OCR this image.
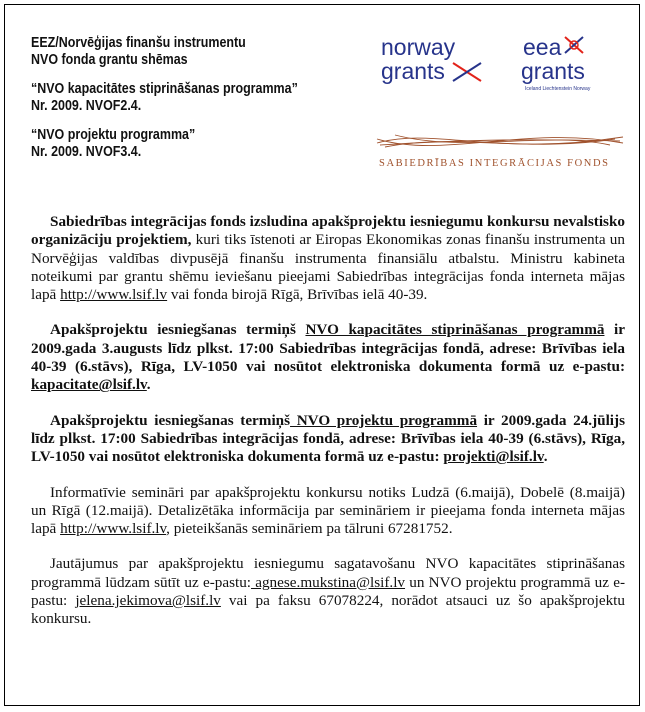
EEZ/Norvēģijas finanšu instrumentu
NVO fonda grantu shēmas
“NVO kapacitātes stiprināšanas programma”
Nr. 2009. NVOF2.4.
“NVO projektu programma”
Nr. 2009. NVOF3.4.
norway
grants
eea
grants
Iceland Liechtenstein Norway
SABIEDRĪBAS INTEGRĀCIJAS FONDS

Sabiedrības integrācijas fonds izsludina apakšprojektu iesniegumu konkursu nevalstisko organizāciju projektiem, kuri tiks īstenoti ar Eiropas Ekonomikas zonas finanšu instrumenta un Norvēģijas valdības divpusējā finanšu instrumenta finansiālu atbalstu. Ministru kabineta noteikumi par grantu shēmu ieviešanu pieejami Sabiedrības integrācijas fonda interneta mājas lapā http://www.lsif.lv vai fonda birojā Rīgā, Brīvības ielā 40-39.

Apakšprojektu iesniegšanas termiņš NVO kapacitātes stiprināšanas programmā ir 2009.gada 3.augusts līdz plkst. 17:00 Sabiedrības integrācijas fondā, adrese: Brīvības iela 40-39 (6.stāvs), Rīga, LV-1050 vai nosūtot elektroniska dokumenta formā uz e-pastu: kapacitate@lsif.lv.

Apakšprojektu iesniegšanas termiņš NVO projektu programmā ir 2009.gada 24.jūlijs līdz plkst. 17:00 Sabiedrības integrācijas fondā, adrese: Brīvības iela 40-39 (6.stāvs), Rīga, LV-1050 vai nosūtot elektroniska dokumenta formā uz e-pastu: projekti@lsif.lv.

Informatīvie semināri par apakšprojektu konkursu notiks Ludzā (6.maijā), Dobelē (8.maijā) un Rīgā (12.maijā). Detalizētāka informācija par semināriem ir pieejama fonda interneta mājas lapā http://www.lsif.lv, pieteikšanās semināriem pa tālruni 67281752.

Jautājumus par apakšprojektu iesniegumu sagatavošanu NVO kapacitātes stiprināšanas programmā lūdzam sūtīt uz e-pastu: agnese.mukstina@lsif.lv un NVO projektu programmā uz e-pastu: jelena.jekimova@lsif.lv vai pa faksu 67078224, norādot atsauci uz šo apakšprojektu konkursu.
